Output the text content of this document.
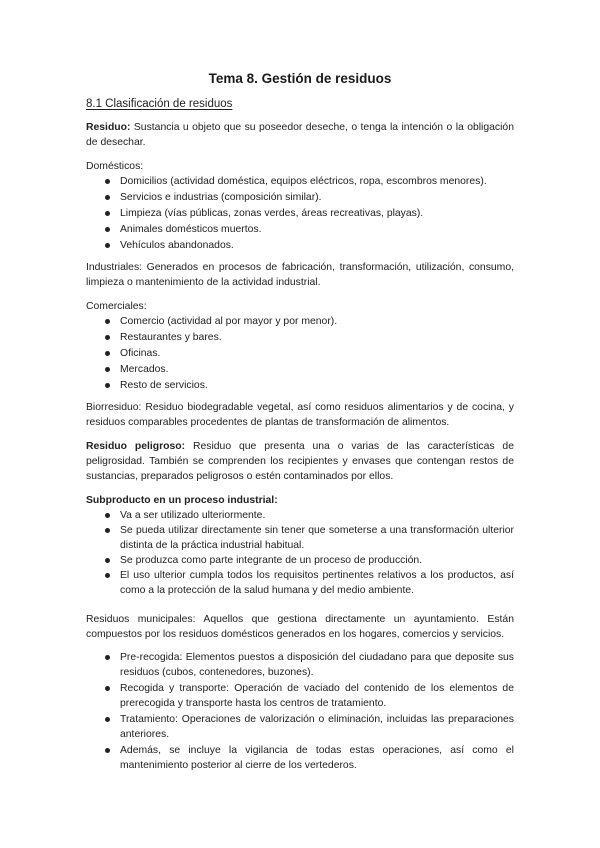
Tema 8. Gestión de residuos
8.1 Clasificación de residuos

Residuo: Sustancia u objeto que su poseedor deseche, o tenga la intención o la obligación de desechar.

Domésticos:

Domicilios (actividad doméstica, equipos eléctricos, ropa, escombros menores).
Servicios e industrias (composición similar).
Limpieza (vías públicas, zonas verdes, áreas recreativas, playas).
Animales domésticos muertos.
Vehículos abandonados.

Industriales: Generados en procesos de fabricación, transformación, utilización, consumo, limpieza o mantenimiento de la actividad industrial.

Comerciales:

Comercio (actividad al por mayor y por menor).
Restaurantes y bares.
Oficinas.
Mercados.
Resto de servicios.

Biorresiduo: Residuo biodegradable vegetal, así como residuos alimentarios y de cocina, y residuos comparables procedentes de plantas de transformación de alimentos.

Residuo peligroso: Residuo que presenta una o varias de las características de peligrosidad. También se comprenden los recipientes y envases que contengan restos de sustancias, preparados peligrosos o estén contaminados por ellos.

Subproducto en un proceso industrial:

Va a ser utilizado ulteriormente.
Se pueda utilizar directamente sin tener que someterse a una transformación ulterior distinta de la práctica industrial habitual.
Se produzca como parte integrante de un proceso de producción.
El uso ulterior cumpla todos los requisitos pertinentes relativos a los productos, así como a la protección de la salud humana y del medio ambiente.

Residuos municipales: Aquellos que gestiona directamente un ayuntamiento. Están compuestos por los residuos domésticos generados en los hogares, comercios y servicios.

Pre-recogida: Elementos puestos a disposición del ciudadano para que deposite sus residuos (cubos, contenedores, buzones).
Recogida y transporte: Operación de vaciado del contenido de los elementos de prerecogida y transporte hasta los centros de tratamiento.
Tratamiento: Operaciones de valorización o eliminación, incluidas las preparaciones anteriores.
Además, se incluye la vigilancia de todas estas operaciones, así como el mantenimiento posterior al cierre de los vertederos.
